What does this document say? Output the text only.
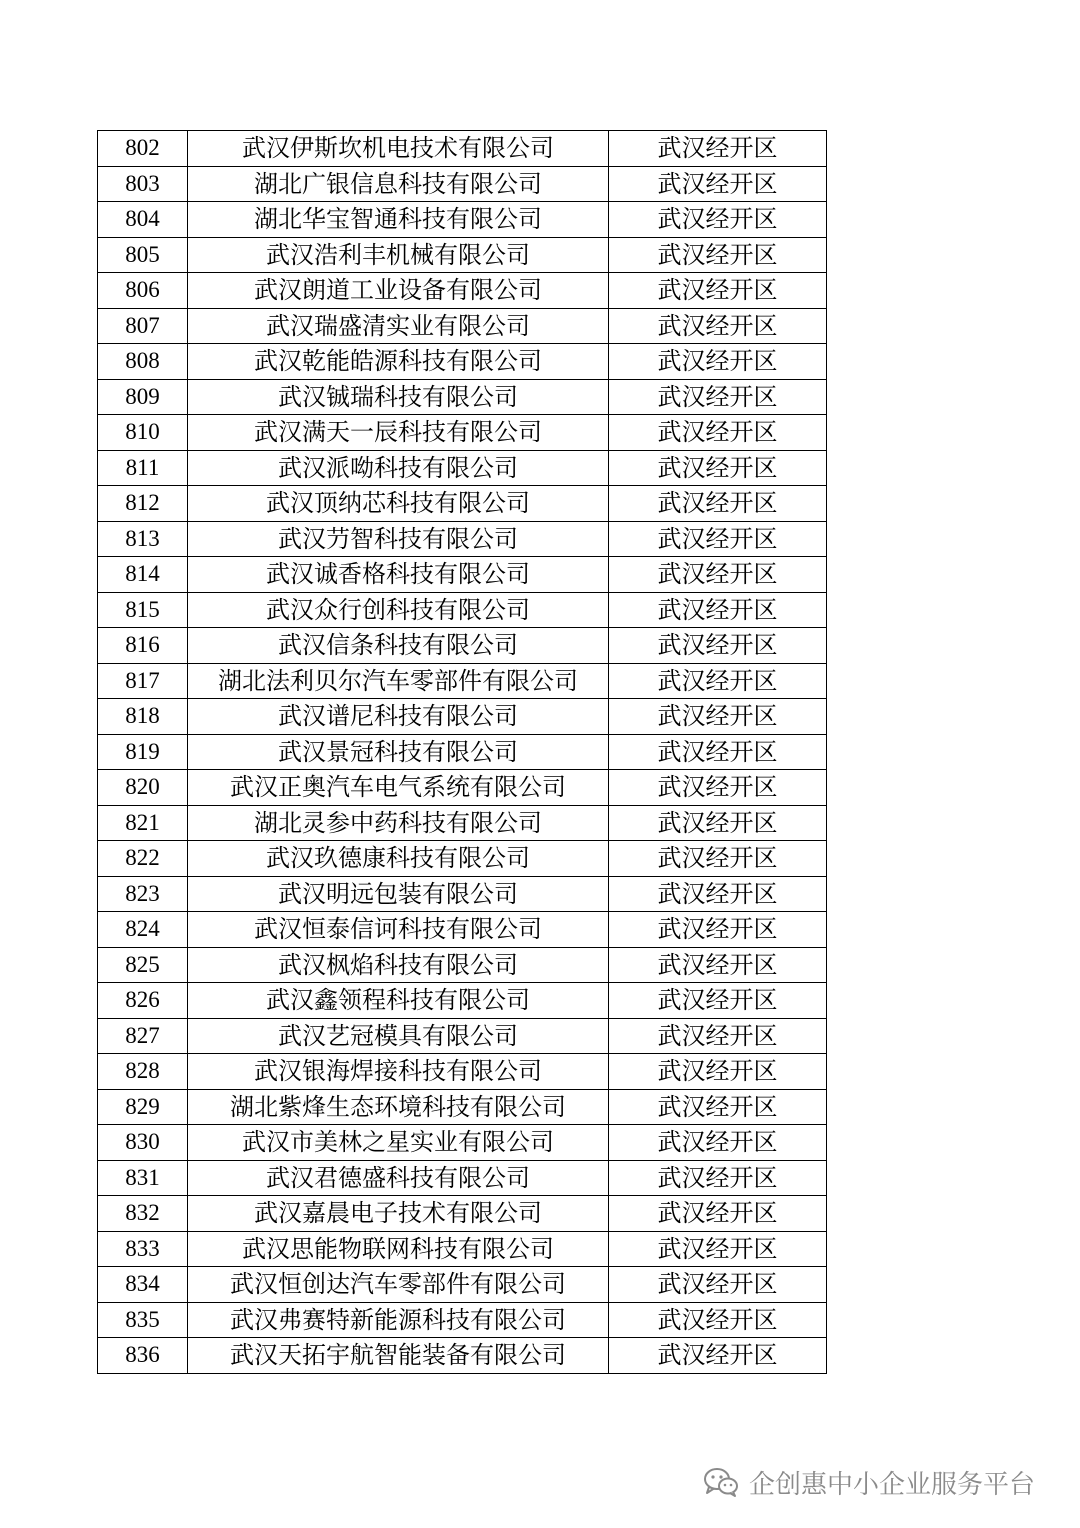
802	武汉伊斯坎机电技术有限公司	武汉经开区
803	湖北广银信息科技有限公司	武汉经开区
804	湖北华宝智通科技有限公司	武汉经开区
805	武汉浩利丰机械有限公司	武汉经开区
806	武汉朗道工业设备有限公司	武汉经开区
807	武汉瑞盛清实业有限公司	武汉经开区
808	武汉乾能皓源科技有限公司	武汉经开区
809	武汉铖瑞科技有限公司	武汉经开区
810	武汉满天一辰科技有限公司	武汉经开区
811	武汉派呦科技有限公司	武汉经开区
812	武汉顶纳芯科技有限公司	武汉经开区
813	武汉芀智科技有限公司	武汉经开区
814	武汉诚香格科技有限公司	武汉经开区
815	武汉众行创科技有限公司	武汉经开区
816	武汉信条科技有限公司	武汉经开区
817	湖北法利贝尔汽车零部件有限公司	武汉经开区
818	武汉谱尼科技有限公司	武汉经开区
819	武汉景冠科技有限公司	武汉经开区
820	武汉正奥汽车电气系统有限公司	武汉经开区
821	湖北灵参中药科技有限公司	武汉经开区
822	武汉玖德康科技有限公司	武汉经开区
823	武汉明远包装有限公司	武汉经开区
824	武汉恒泰信诃科技有限公司	武汉经开区
825	武汉枫焰科技有限公司	武汉经开区
826	武汉鑫领程科技有限公司	武汉经开区
827	武汉艺冠模具有限公司	武汉经开区
828	武汉银海焊接科技有限公司	武汉经开区
829	湖北紫烽生态环境科技有限公司	武汉经开区
830	武汉市美林之星实业有限公司	武汉经开区
831	武汉君德盛科技有限公司	武汉经开区
832	武汉嘉晨电子技术有限公司	武汉经开区
833	武汉思能物联网科技有限公司	武汉经开区
834	武汉恒创达汽车零部件有限公司	武汉经开区
835	武汉弗赛特新能源科技有限公司	武汉经开区
836	武汉天拓宇航智能装备有限公司	武汉经开区
企创惠中小企业服务平台
